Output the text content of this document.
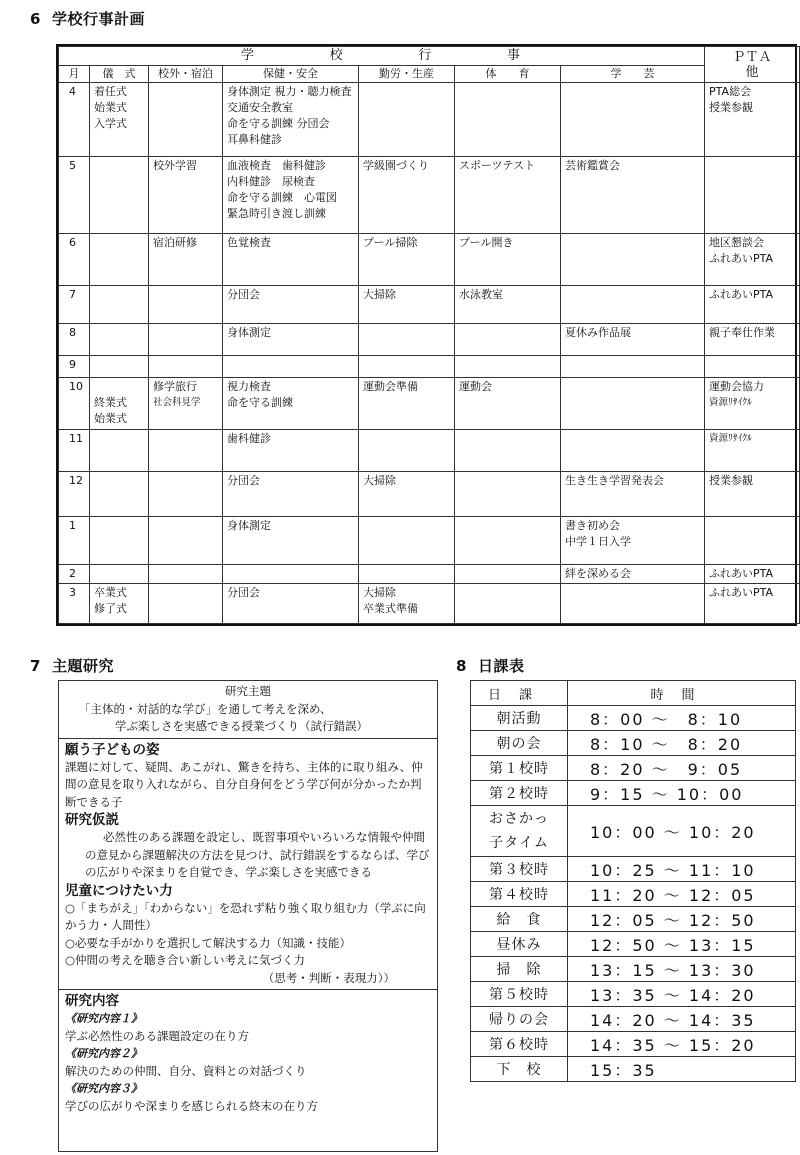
6 学校行事計画
学 校 行 事							ＰＴＡ
他

月	儀　式	校外・宿泊	保健・安全	勤労・生産	体　　育	学　　芸	
4	着任式
始業式
入学式		身体測定 視力・聴力検査
交通安全教室
命を守る訓練 分団会
耳鼻科健診				PTA総会
授業参観

5		校外学習	血液検査　歯科健診
内科健診　尿検査
命を守る訓練　心電図
緊急時引き渡し訓練	学級園づくり	スポーツテスト	芸術鑑賞会	

6		宿泊研修	色覚検査	プール掃除	プール開き		地区懇談会
ふれあいPTA

7			分団会	大掃除	水泳教室		ふれあいPTA

8			身体測定			夏休み作品展	親子奉仕作業

9							
10	終業式
始業式	修学旅行
社会科見学	視力検査
命を守る訓練	運動会準備	運動会		運動会協力
資源ﾘｻｲｸﾙ

11			歯科健診				資源ﾘｻｲｸﾙ

12			分団会	大掃除		生き生き学習発表会	授業参観

1			身体測定			書き初め会
中学１日入学	

2						絆を深める会	ふれあいPTA

3	卒業式
修了式		分団会	大掃除
卒業式準備			ふれあいPTA
7 主題研究
研究主題
「主体的・対話的な学び」を通して考えを深め、
学ぶ楽しさを実感できる授業づくり（試行錯誤）
願う子どもの姿
課題に対して、疑問、あこがれ、驚きを持ち、主体的に取り組み、仲間の意見を取り入れながら、自分自身何をどう学び何が分かったか判断できる子
研究仮説
必然性のある課題を設定し、既習事項やいろいろな情報や仲間の意見から課題解決の方法を見つけ、試行錯誤をするならば、学びの広がりや深まりを自覚でき、学ぶ楽しさを実感できる
児童につけたい力
○「まちがえ」「わからない」を恐れず粘り強く取り組む力（学ぶに向かう力・人間性）
○必要な手がかりを選択して解決する力（知識・技能）
○仲間の考えを聴き合い新しい考えに気づく力
（思考・判断・表現力））
研究内容
《研究内容１》
学ぶ必然性のある課題設定の在り方
《研究内容２》
解決のための仲間、自分、資料との対話づくり
《研究内容３》
学びの広がりや深まりを感じられる終末の在り方
8 日課表
日課	時間
朝活動	8：00 ～　8：10
朝の会	8：10 ～　8：20
第１校時	8：20 ～　9：05
第２校時	9：15 ～ 10：00
おさかっ子タイム	10：00 ～ 10：20
第３校時	10：25 ～ 11：10
第４校時	11：20 ～ 12：05
給　食	12：05 ～ 12：50
昼休み	12：50 ～ 13：15
掃　除	13：15 ～ 13：30
第５校時	13：35 ～ 14：20
帰りの会	14：20 ～ 14：35
第６校時	14：35 ～ 15：20
下　校	15：35
